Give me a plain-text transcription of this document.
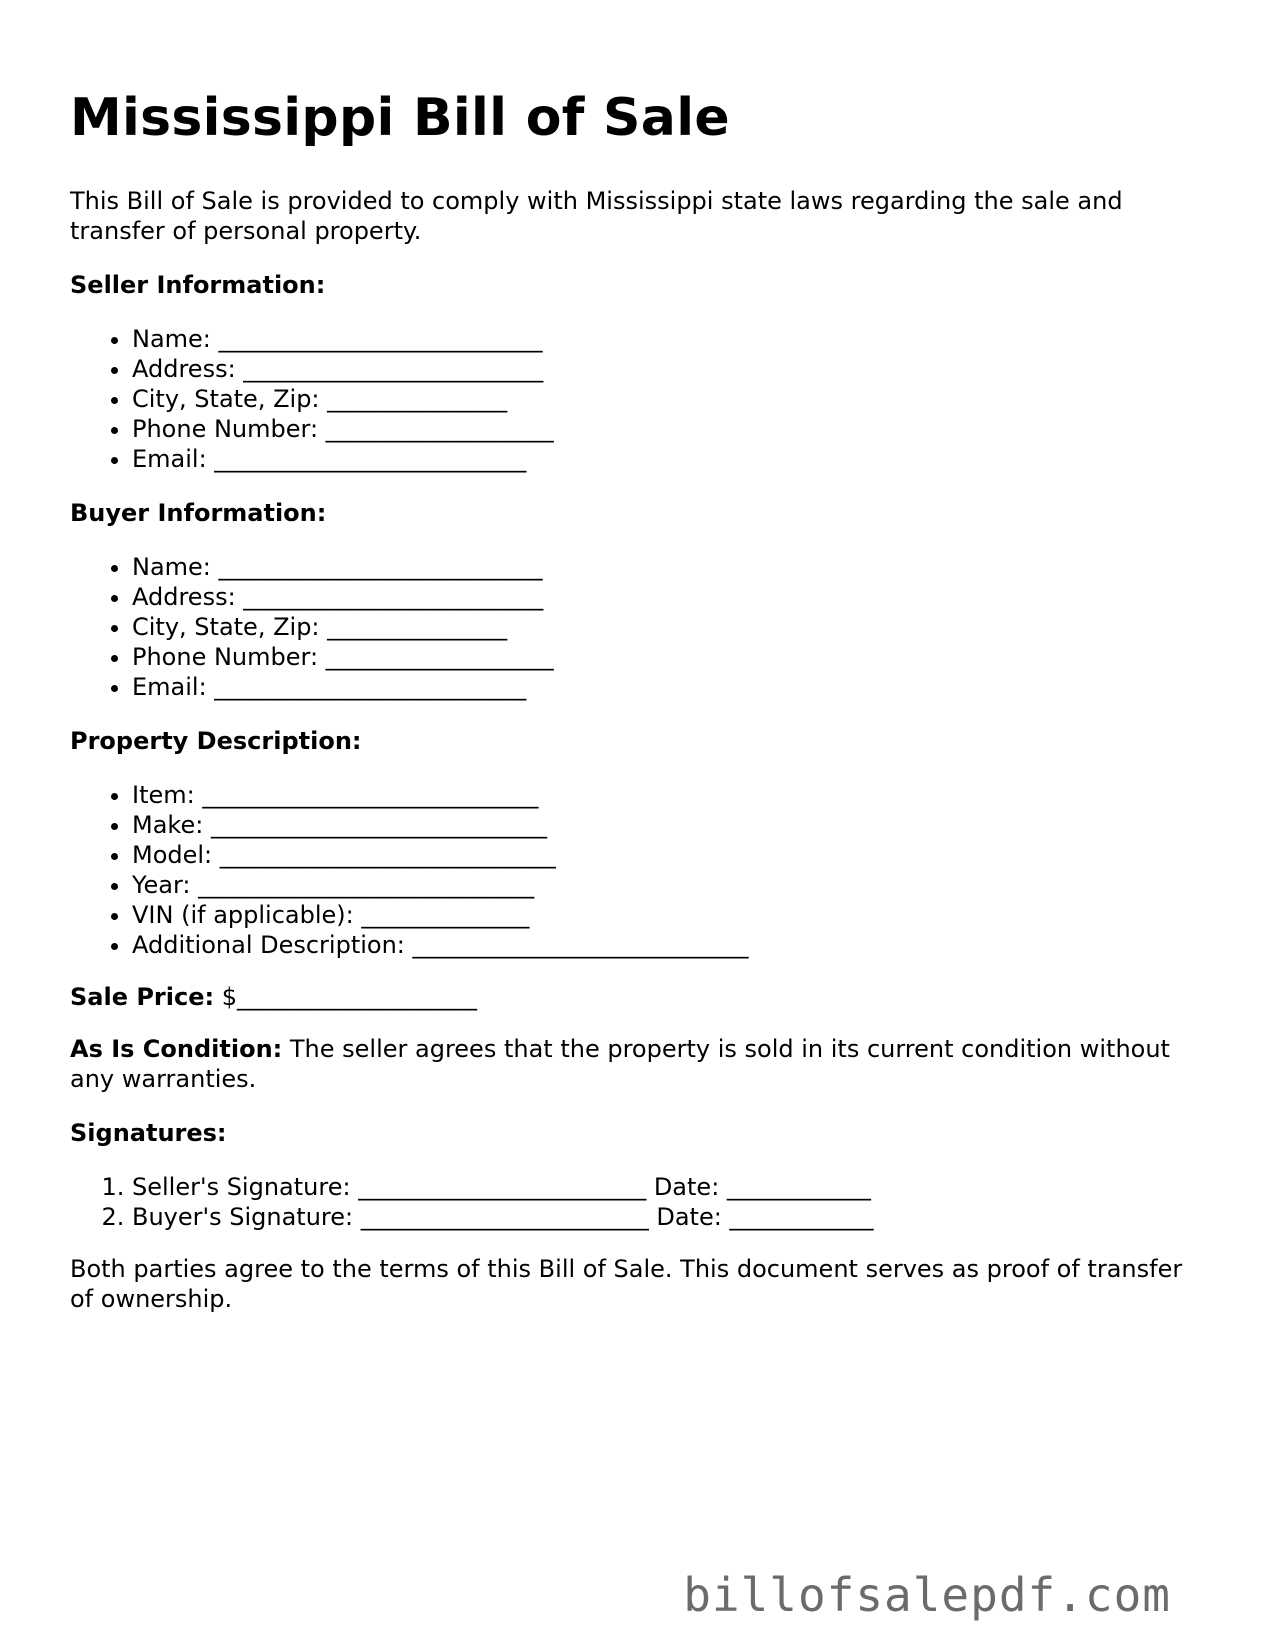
Mississippi Bill of Sale

This Bill of Sale is provided to comply with Mississippi state laws regarding the sale and transfer of personal property.

Seller Information:

• Name: ___________________________
• Address: _________________________
• City, State, Zip: _______________
• Phone Number: ___________________
• Email: __________________________

Buyer Information:

• Name: ___________________________
• Address: _________________________
• City, State, Zip: _______________
• Phone Number: ___________________
• Email: __________________________

Property Description:

• Item: ____________________________
• Make: ____________________________
• Model: ____________________________
• Year: ____________________________
• VIN (if applicable): ______________
• Additional Description: ____________________________

Sale Price: $____________________

As Is Condition: The seller agrees that the property is sold in its current condition without any warranties.

Signatures:

1. Seller's Signature: ________________________ Date: ____________
2. Buyer's Signature: ________________________ Date: ____________

Both parties agree to the terms of this Bill of Sale. This document serves as proof of transfer of ownership.

billofsalepdf.com
